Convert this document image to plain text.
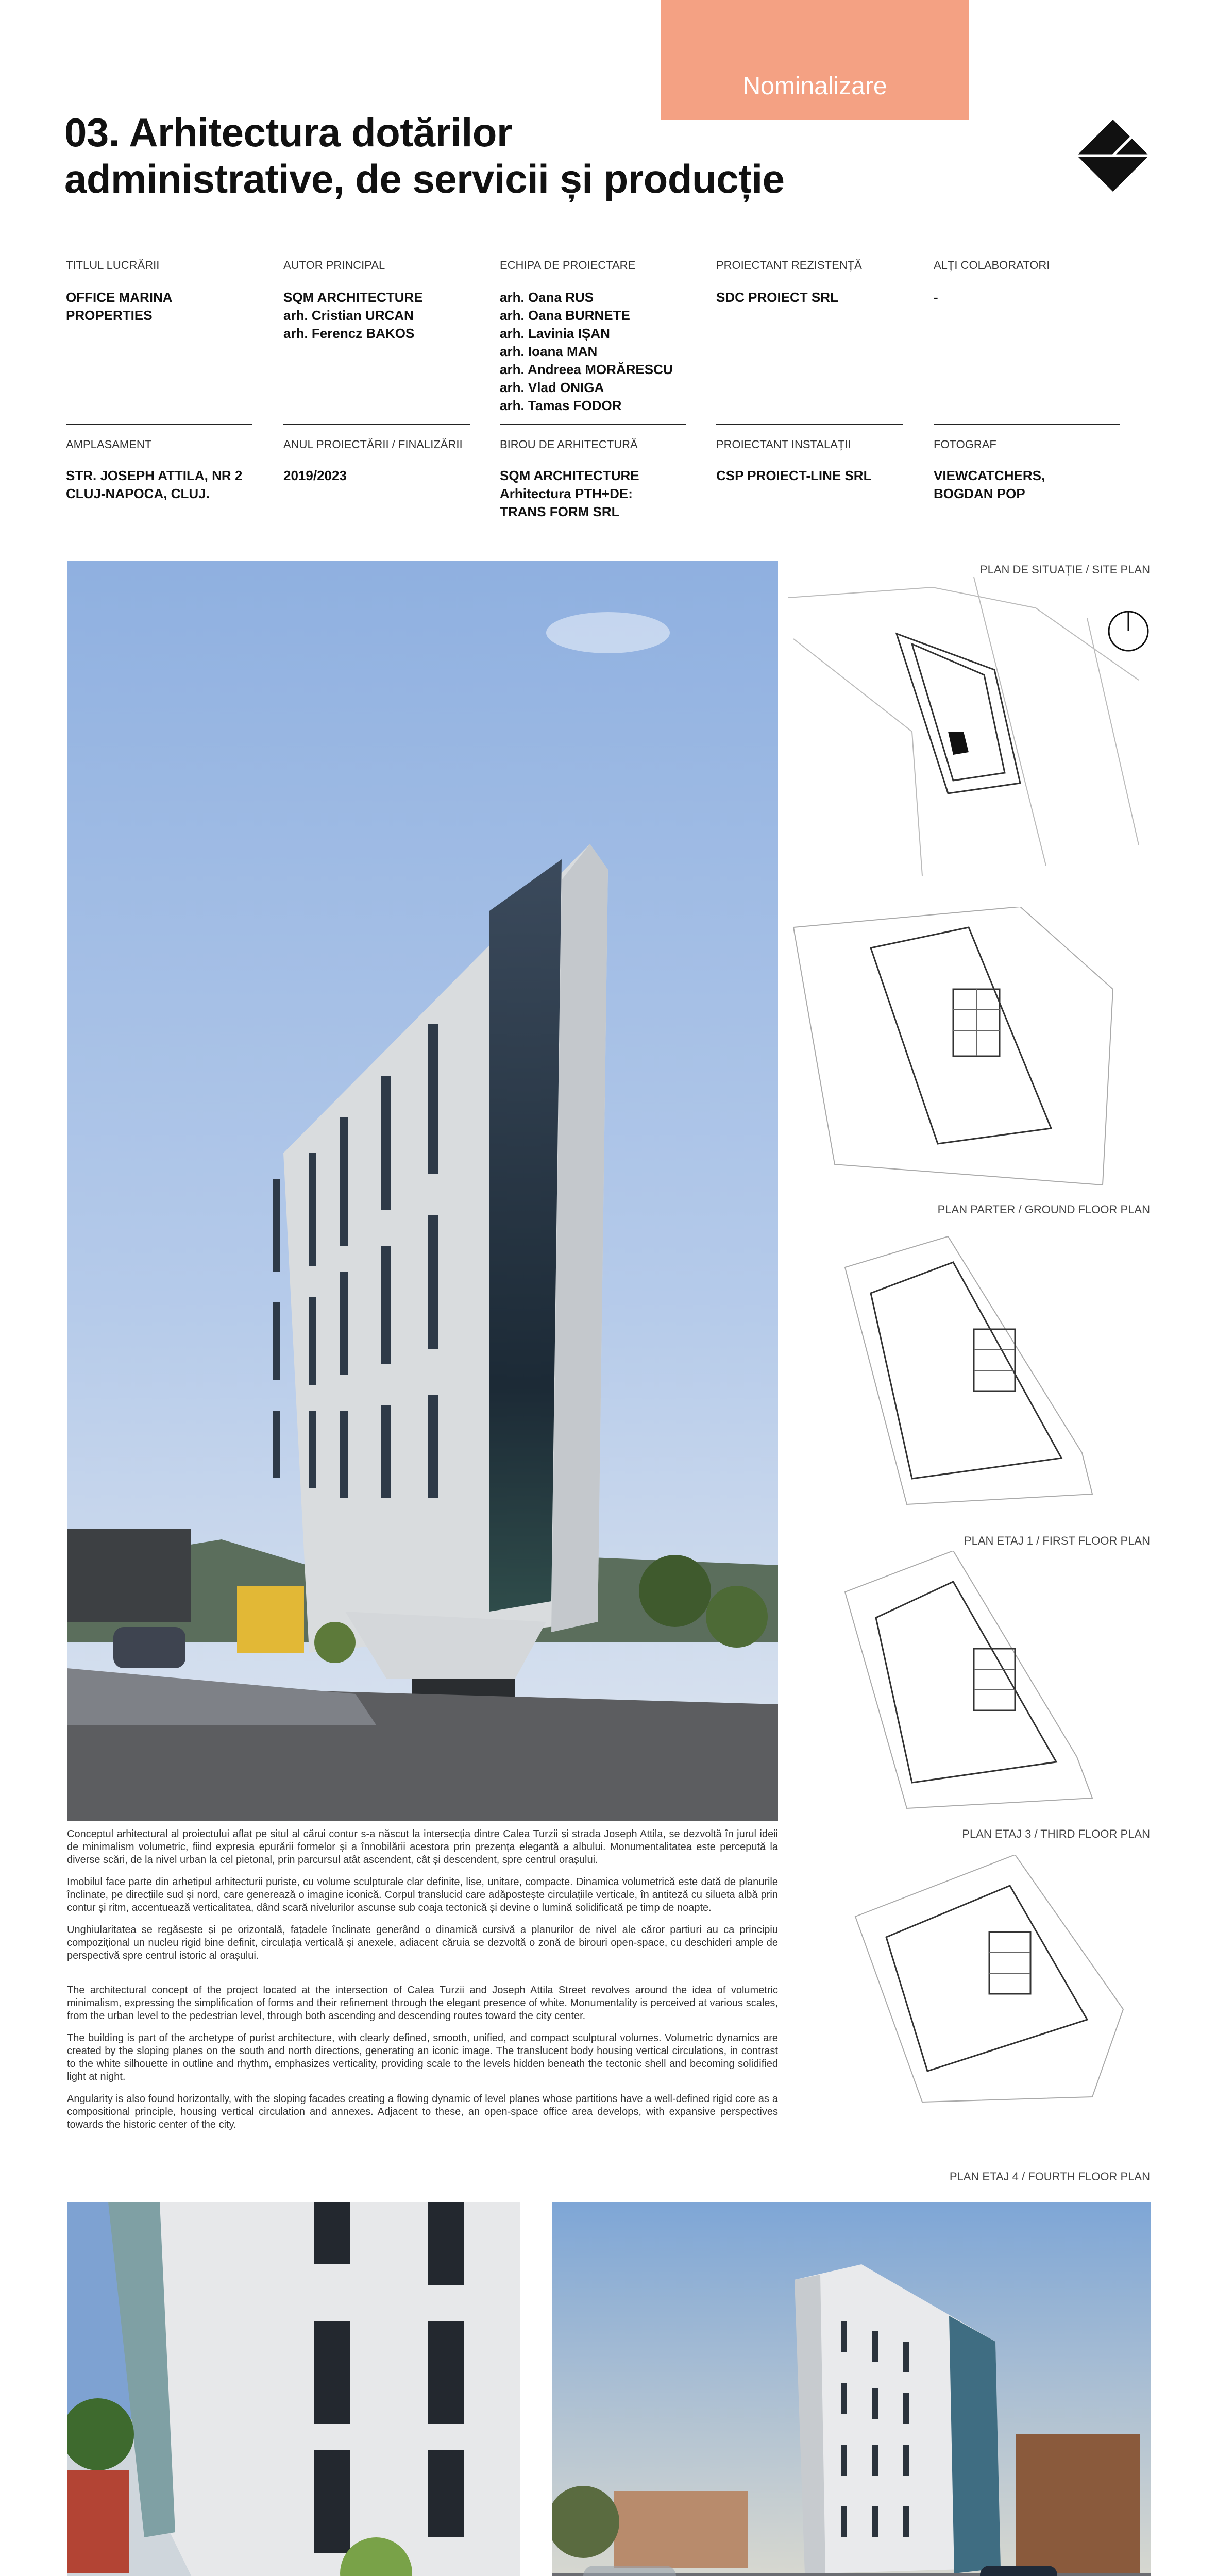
Nominalizare
03. Arhitectura dotărilor
administrative, de servicii și producție
TITLUL LUCRĂRII
OFFICE MARINA
PROPERTIES
AUTOR PRINCIPAL
SQM ARCHITECTURE
arh. Cristian URCAN
arh. Ferencz BAKOS
ECHIPA DE PROIECTARE
arh. Oana RUS
arh. Oana BURNETE
arh. Lavinia IȘAN
arh. Ioana MAN
arh. Andreea MORĂRESCU
arh. Vlad ONIGA
arh. Tamas FODOR
PROIECTANT REZISTENȚĂ
SDC PROIECT SRL
ALȚI COLABORATORI
-
AMPLASAMENT
STR. JOSEPH ATTILA, NR 2
CLUJ-NAPOCA, CLUJ.
ANUL PROIECTĂRII / FINALIZĂRII
2019/2023
BIROU DE ARHITECTURĂ
SQM ARCHITECTURE
Arhitectura PTH+DE:
TRANS FORM SRL
PROIECTANT INSTALAȚII
CSP PROIECT-LINE SRL
FOTOGRAF
VIEWCATCHERS,
BOGDAN POP
PLAN DE SITUAȚIE / SITE PLAN
PLAN PARTER / GROUND FLOOR PLAN
PLAN ETAJ 1 / FIRST FLOOR PLAN
PLAN ETAJ 3 / THIRD FLOOR PLAN
PLAN ETAJ 4 / FOURTH FLOOR PLAN

Conceptul arhitectural al proiectului aflat pe situl al cărui contur s-a născut la intersecția dintre Calea Turzii și strada Joseph Attila, se dezvoltă în jurul ideii de minimalism volumetric, fiind expresia epurării formelor și a înnobilării acestora prin prezența elegantă a albului. Monumentalitatea este percepută la diverse scări, de la nivel urban la cel pietonal, prin parcursul atât ascendent, cât și descendent, spre centrul orașului.

Imobilul face parte din arhetipul arhitecturii puriste, cu volume sculpturale clar definite, lise, unitare, compacte. Dinamica volumetrică este dată de planurile înclinate, pe direcțiile sud și nord, care generează o imagine iconică. Corpul translucid care adăpostește circulațiile verticale, în antiteză cu silueta albă prin contur și ritm, accentuează verticalitatea, dând scară nivelurilor ascunse sub coaja tectonică și devine o lumină solidificată pe timp de noapte.

Unghiularitatea se regăsește și pe orizontală, fațadele înclinate generând o dinamică cursivă a planurilor de nivel ale căror partiuri au ca principiu compozițional un nucleu rigid bine definit, circulația verticală și anexele, adiacent căruia se dezvoltă o zonă de birouri open-space, cu deschideri ample de perspectivă spre centrul istoric al orașului.

The architectural concept of the project located at the intersection of Calea Turzii and Joseph Attila Street revolves around the idea of volumetric minimalism, expressing the simplification of forms and their refinement through the elegant presence of white. Monumentality is perceived at various scales, from the urban level to the pedestrian level, through both ascending and descending routes toward the city center.

The building is part of the archetype of purist architecture, with clearly defined, smooth, unified, and compact sculptural volumes. Volumetric dynamics are created by the sloping planes on the south and north directions, generating an iconic image. The translucent body housing vertical circulations, in contrast to the white silhouette in outline and rhythm, emphasizes verticality, providing scale to the levels hidden beneath the tectonic shell and becoming solidified light at night.

Angularity is also found horizontally, with the sloping facades creating a flowing dynamic of level planes whose partitions have a well-defined rigid core as a compositional principle, housing vertical circulation and annexes. Adjacent to these, an open-space office area develops, with expansive perspectives towards the historic center of the city.
